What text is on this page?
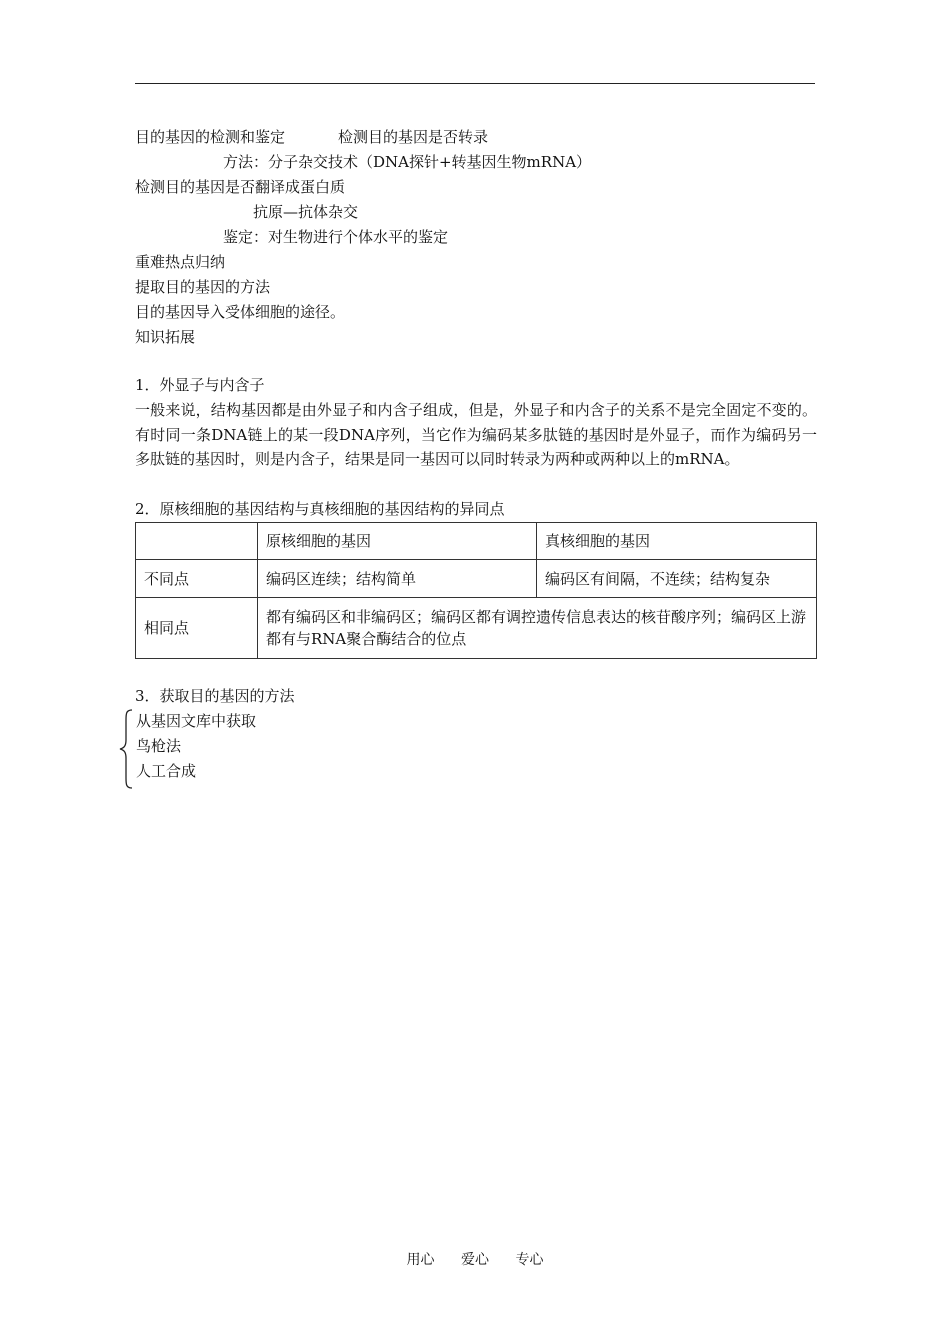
目的基因的检测和鉴定	检测目的基因是否转录
方法：分子杂交技术（DNA探针+转基因生物mRNA）
检测目的基因是否翻译成蛋白质
抗原—抗体杂交
鉴定：对生物进行个体水平的鉴定
重难热点归纳
提取目的基因的方法
目的基因导入受体细胞的途径。
知识拓展
1．外显子与内含子
一般来说，结构基因都是由外显子和内含子组成，但是，外显子和内含子的关系不是完全固定不变的。有时同一条DNA链上的某一段DNA序列，当它作为编码某多肽链的基因时是外显子，而作为编码另一多肽链的基因时，则是内含子，结果是同一基因可以同时转录为两种或两种以上的mRNA。
2．原核细胞的基因结构与真核细胞的基因结构的异同点
	原核细胞的基因	真核细胞的基因
不同点	编码区连续；结构简单	编码区有间隔，不连续；结构复杂
相同点	都有编码区和非编码区；编码区都有调控遗传信息表达的核苷酸序列；编码区上游都有与RNA聚合酶结合的位点	
3．获取目的基因的方法
从基因文库中获取
鸟枪法
人工合成
用心 爱心 专心
